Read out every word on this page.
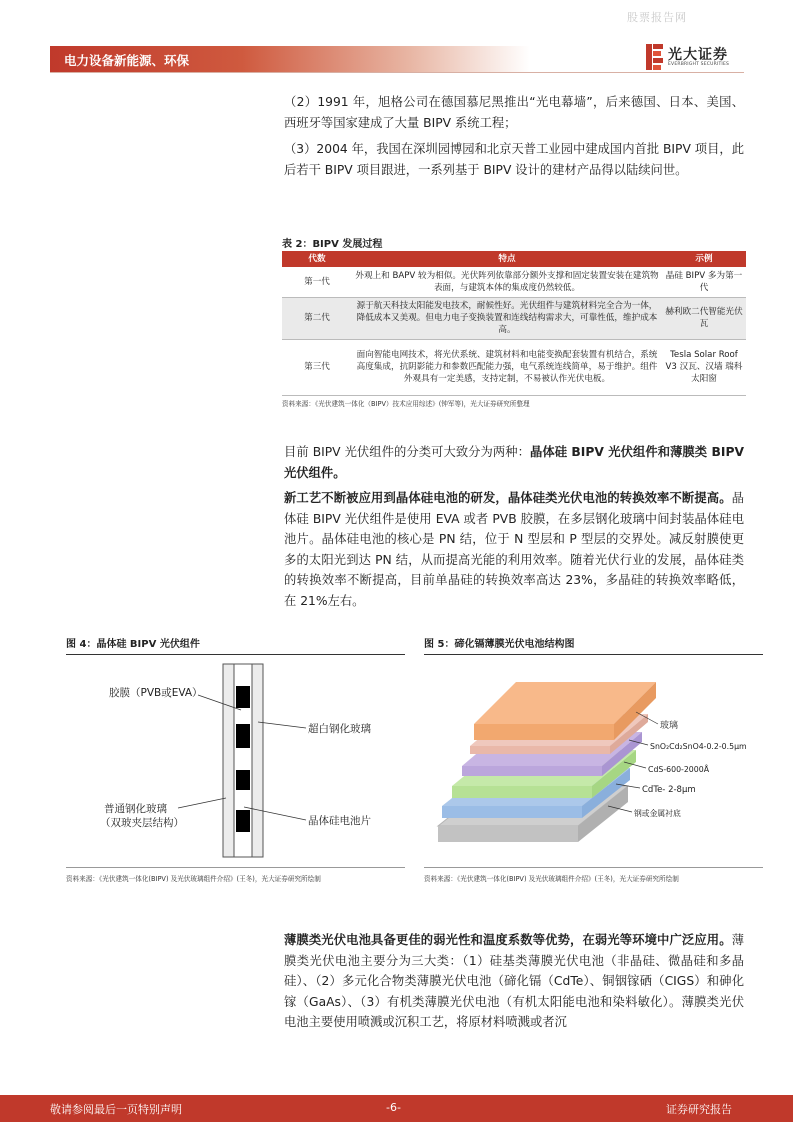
股票报告网
电力设备新能源、环保	光大证券
EVERBRIGHT SECURITIES
（2）1991 年，旭格公司在德国慕尼黑推出“光电幕墙”，后来德国、日本、美国、西班牙等国家建成了大量 BIPV 系统工程；
（3）2004 年，我国在深圳园博园和北京天普工业园中建成国内首批 BIPV 项目，此后若干 BIPV 项目跟进，一系列基于 BIPV 设计的建材产品得以陆续问世。
表 2：BIPV 发展过程
代数	特点	示例
第一代	外观上和 BAPV 较为相似。光伏阵列依靠部分额外支撑和固定装置安装在建筑物表面，与建筑本体的集成度仍然较低。	晶硅 BIPV 多为第一代
第二代	源于航天科技太阳能发电技术，耐候性好。光伏组件与建筑材料完全合为一体，降低成本又美观。但电力电子变换装置和连线结构需求大，可靠性低，维护成本高。	赫利欧二代智能光伏瓦
第三代	面向智能电网技术，将光伏系统、建筑材料和电能变换配套装置有机结合，系统高度集成，抗阴影能力和参数匹配能力强，电气系统连线简单，易于维护。组件外观具有一定美感，支持定制，不易被认作光伏电板。	Tesla Solar Roof V3 汉瓦、汉墙 瑞科太阳窗
资料来源：《光伏建筑一体化（BIPV）技术应用综述》(钟军等)，光大证券研究所整理
目前 BIPV 光伏组件的分类可大致分为两种：晶体硅 BIPV 光伏组件和薄膜类 BIPV 光伏组件。
新工艺不断被应用到晶体硅电池的研发，晶体硅类光伏电池的转换效率不断提高。晶体硅 BIPV 光伏组件是使用 EVA 或者 PVB 胶膜，在多层钢化玻璃中间封装晶体硅电池片。晶体硅电池的核心是 PN 结，位于 N 型层和 P 型层的交界处。减反射膜使更多的太阳光到达 PN 结，从而提高光能的利用效率。随着光伏行业的发展，晶体硅类的转换效率不断提高，目前单晶硅的转换效率高达 23%，多晶硅的转换效率略低，在 21%左右。
图 4：晶体硅 BIPV 光伏组件
胶膜（PVB或EVA）
超白钢化玻璃
普通钢化玻璃
（双玻夹层结构）	晶体硅电池片
资料来源：《光伏建筑一体化(BIPV) 及光伏玻璃组件介绍》(王冬)，光大证券研究所绘制
图 5：碲化镉薄膜光伏电池结构图
玻璃
SnO₂Cd₂SnO4-0.2-0.5μm
CdS-600-2000Å
CdTe- 2-8μm
钢或金属衬底
资料来源：《光伏建筑一体化(BIPV) 及光伏玻璃组件介绍》(王冬)，光大证券研究所绘制
薄膜类光伏电池具备更佳的弱光性和温度系数等优势，在弱光等环境中广泛应用。薄膜类光伏电池主要分为三大类：（1）硅基类薄膜光伏电池（非晶硅、微晶硅和多晶硅）、（2）多元化合物类薄膜光伏电池（碲化镉（CdTe）、铜铟镓硒（CIGS）和砷化镓（GaAs）、（3）有机类薄膜光伏电池（有机太阳能电池和染料敏化）。薄膜类光伏电池主要使用喷溅或沉积工艺，将原材料喷溅或者沉
敬请参阅最后一页特别声明	-6-	证券研究报告
